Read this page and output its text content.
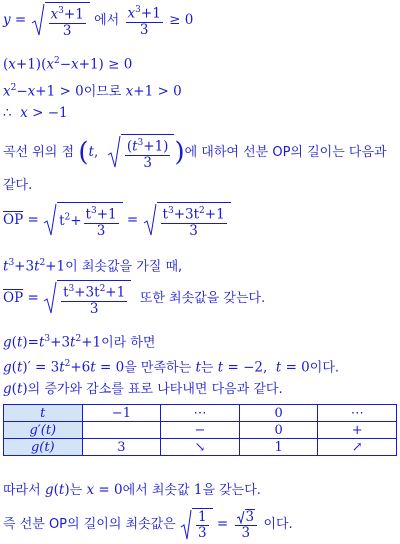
$y = \frac{x^3+1}{3}$ 에서 $\frac{x^3+1}{3} \ge 0$
$(x+1)(x^2-x+1) \ge 0$
$x^2-x+1 > 0$이므로 x+1 > 0
∴  x > −1
곡선 위의 점 (t, $\frac{(t^3+1)}{3}$ )에 대하여 선분 OP의 길이는 다음과
같다.
$\overline{OP} = t^2+ \frac{t^3+1}{3} = \frac{t^3+3t^2+1}{3}$
$t^3+3t^2+1$이 최솟값을 가질 때,
$\overline{OP} = \frac{t^3+3t^2+1}{3}$ 또한 최솟값을 갖는다.
$g(t)=t^3+3t^2+1$이라 하면
$g(t)' = 3t^2+6t = 0$을 만족하는 t는 t = −2,  t = 0이다.
g(t)의 증가와 감소를 표로 나타내면 다음과 같다.
t	−1	⋯	0	⋯
g′(t)		−	0	+
g(t)	3	↘	1	↗
따라서 g(t)는 x = 0에서 최솟값 1을 갖는다.
즉 선분 OP의 길이의 최솟값은 $\frac{1}{3} = \frac{3}{3}$ 이다.
